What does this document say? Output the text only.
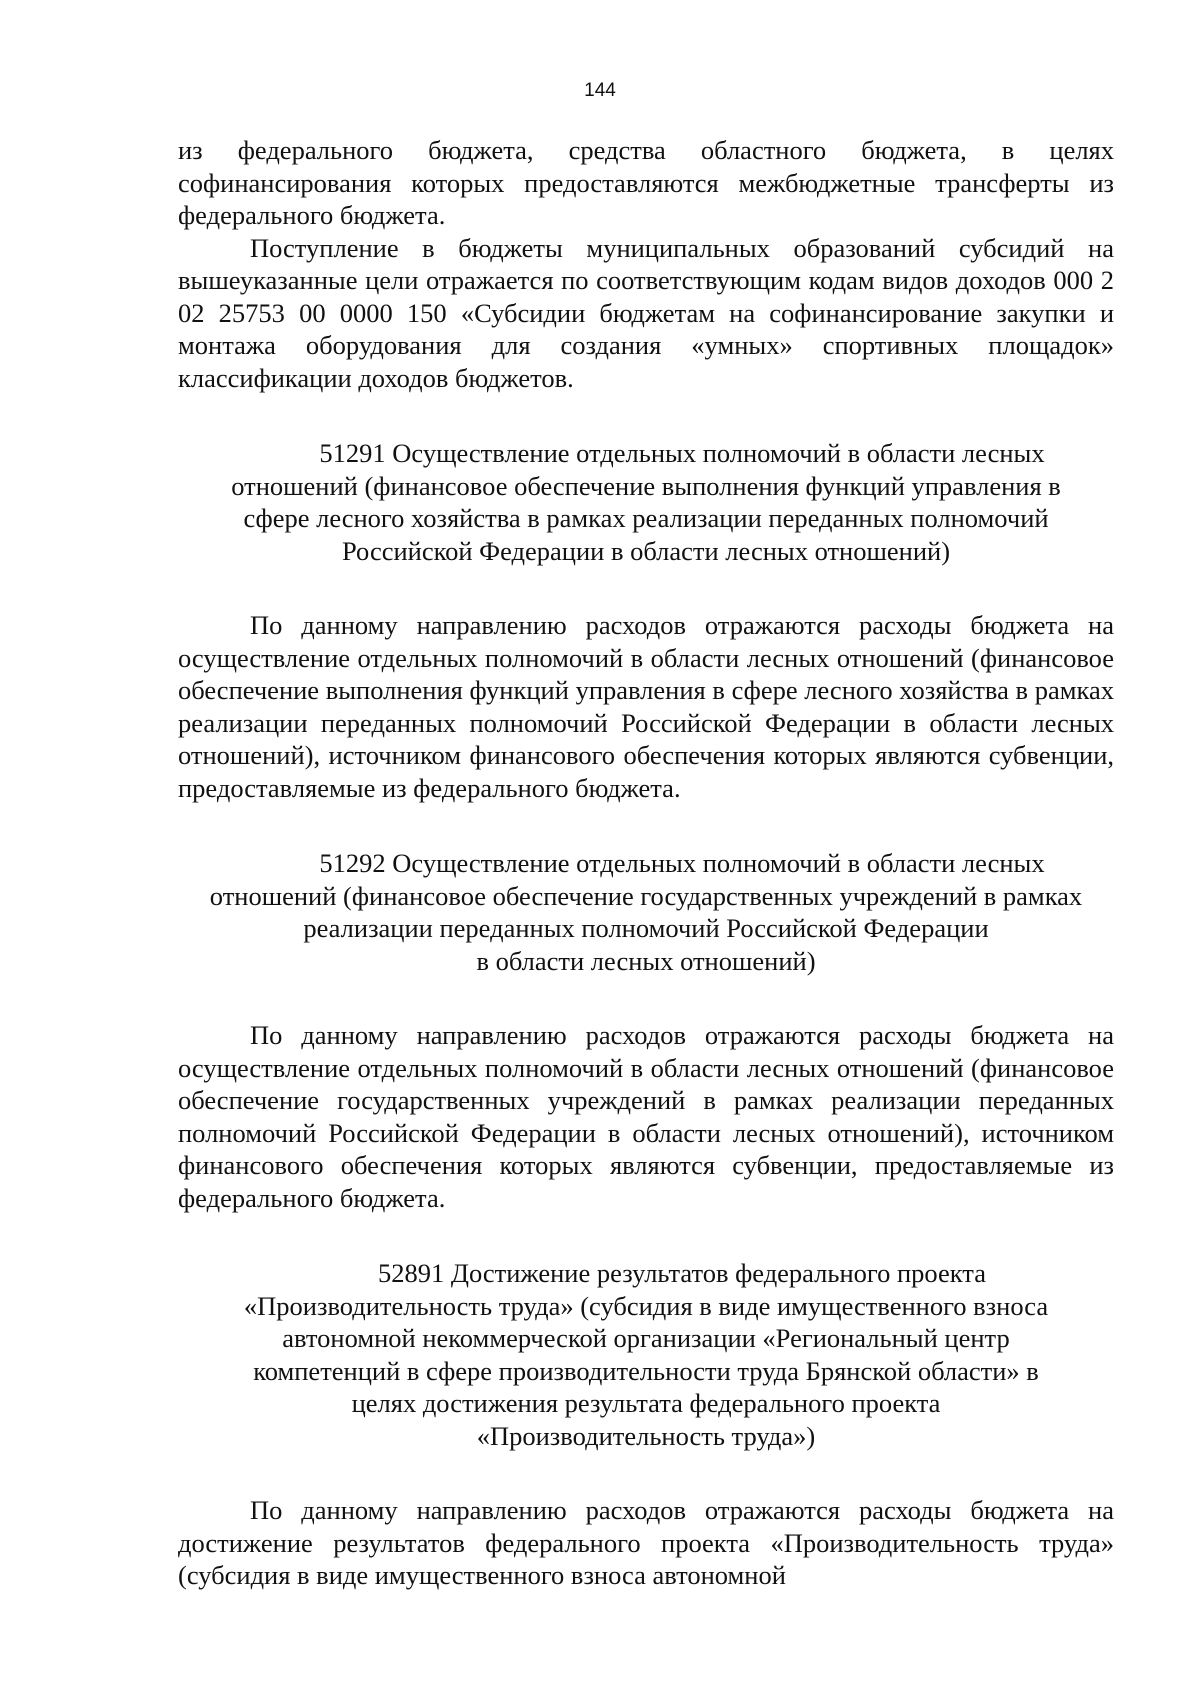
144

из федерального бюджета, средства областного бюджета, в целях софинансирования которых предоставляются межбюджетные трансферты из федерального бюджета.

Поступление в бюджеты муниципальных образований субсидий на вышеуказанные цели отражается по соответствующим кодам видов доходов 000 2 02 25753 00 0000 150 «Субсидии бюджетам на софинансирование закупки и монтажа оборудования для создания «умных» спортивных площадок» классификации доходов бюджетов.

51291 Осуществление отдельных полномочий в области лесных
отношений (финансовое обеспечение выполнения функций управления в
сфере лесного хозяйства в рамках реализации переданных полномочий
Российской Федерации в области лесных отношений)

По данному направлению расходов отражаются расходы бюджета на осуществление отдельных полномочий в области лесных отношений (финансовое обеспечение выполнения функций управления в сфере лесного хозяйства в рамках реализации переданных полномочий Российской Федерации в области лесных отношений), источником финансового обеспечения которых являются субвенции, предоставляемые из федерального бюджета.

51292 Осуществление отдельных полномочий в области лесных
отношений (финансовое обеспечение государственных учреждений в рамках
реализации переданных полномочий Российской Федерации
в области лесных отношений)

По данному направлению расходов отражаются расходы бюджета на осуществление отдельных полномочий в области лесных отношений (финансовое обеспечение государственных учреждений в рамках реализации переданных полномочий Российской Федерации в области лесных отношений), источником финансового обеспечения которых являются субвенции, предоставляемые из федерального бюджета.

52891 Достижение результатов федерального проекта
«Производительность труда» (субсидия в виде имущественного взноса
автономной некоммерческой организации «Региональный центр
компетенций в сфере производительности труда Брянской области» в
целях достижения результата федерального проекта
«Производительность труда»)

По данному направлению расходов отражаются расходы бюджета на достижение результатов федерального проекта «Производительность труда» (субсидия в виде имущественного взноса автономной
